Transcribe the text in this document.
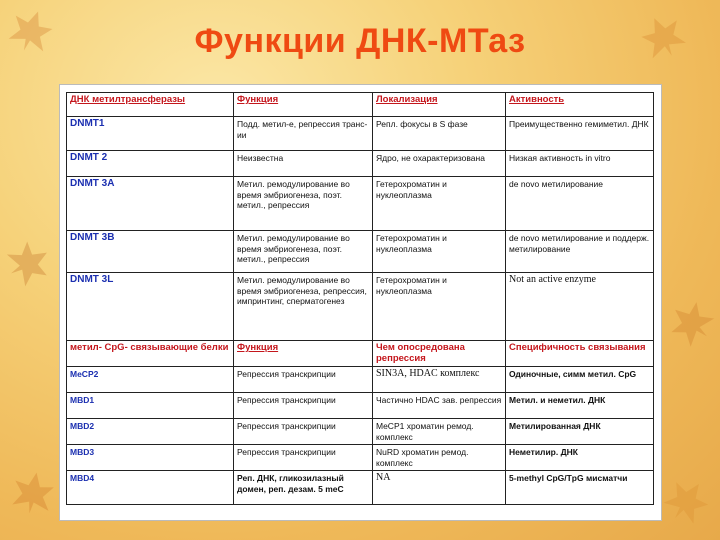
Функции ДНК-МТаз
ДНК метилтрансферазы	Функция	Локализация	Активность
DNMT1	Подд. метил-е, репрессия транс-ии	Репл. фокусы в S фазе	Преимущественно гемиметил. ДНК
DNMT 2	Неизвестна	Ядро, не охарактеризована	Низкая активность in vitro
DNMT 3A	Метил. ремодулирование во время эмбриогенеза, поэт. метил., репрессия	Гетерохроматин и нуклеоплазма	de novo метилирование
DNMT 3B	Метил. ремодулирование во время эмбриогенеза, поэт. метил., репрессия	Гетерохроматин и нуклеоплазма	de novo метилирование и поддерж. метилирование
DNMT 3L	Метил. ремодулирование во время эмбриогенеза, репрессия, импринтинг, сперматогенез	Гетерохроматин и нуклеоплазма	Not an active enzyme
метил- СрG- связывающие белки	Функция	Чем опосредована репрессия	Специфичность связывания
MeCP2	Репрессия транскрипции	SIN3A, HDAC комплекс	Одиночные, симм метил. CpG
MBD1	Репрессия транскрипции	Частично HDAC зав. репрессия	Метил. и неметил. ДНК
MBD2	Репрессия транскрипции	MeCP1 хроматин ремод. комплекс	Метилированная ДНК
MBD3	Репрессия транскрипции	NuRD хроматин ремод. комплекс	Неметилир. ДНК
MBD4	Реп. ДНК, гликозилазный домен, реп. дезам. 5 meC	NA	5-methyl CpG/TpG мисматчи
